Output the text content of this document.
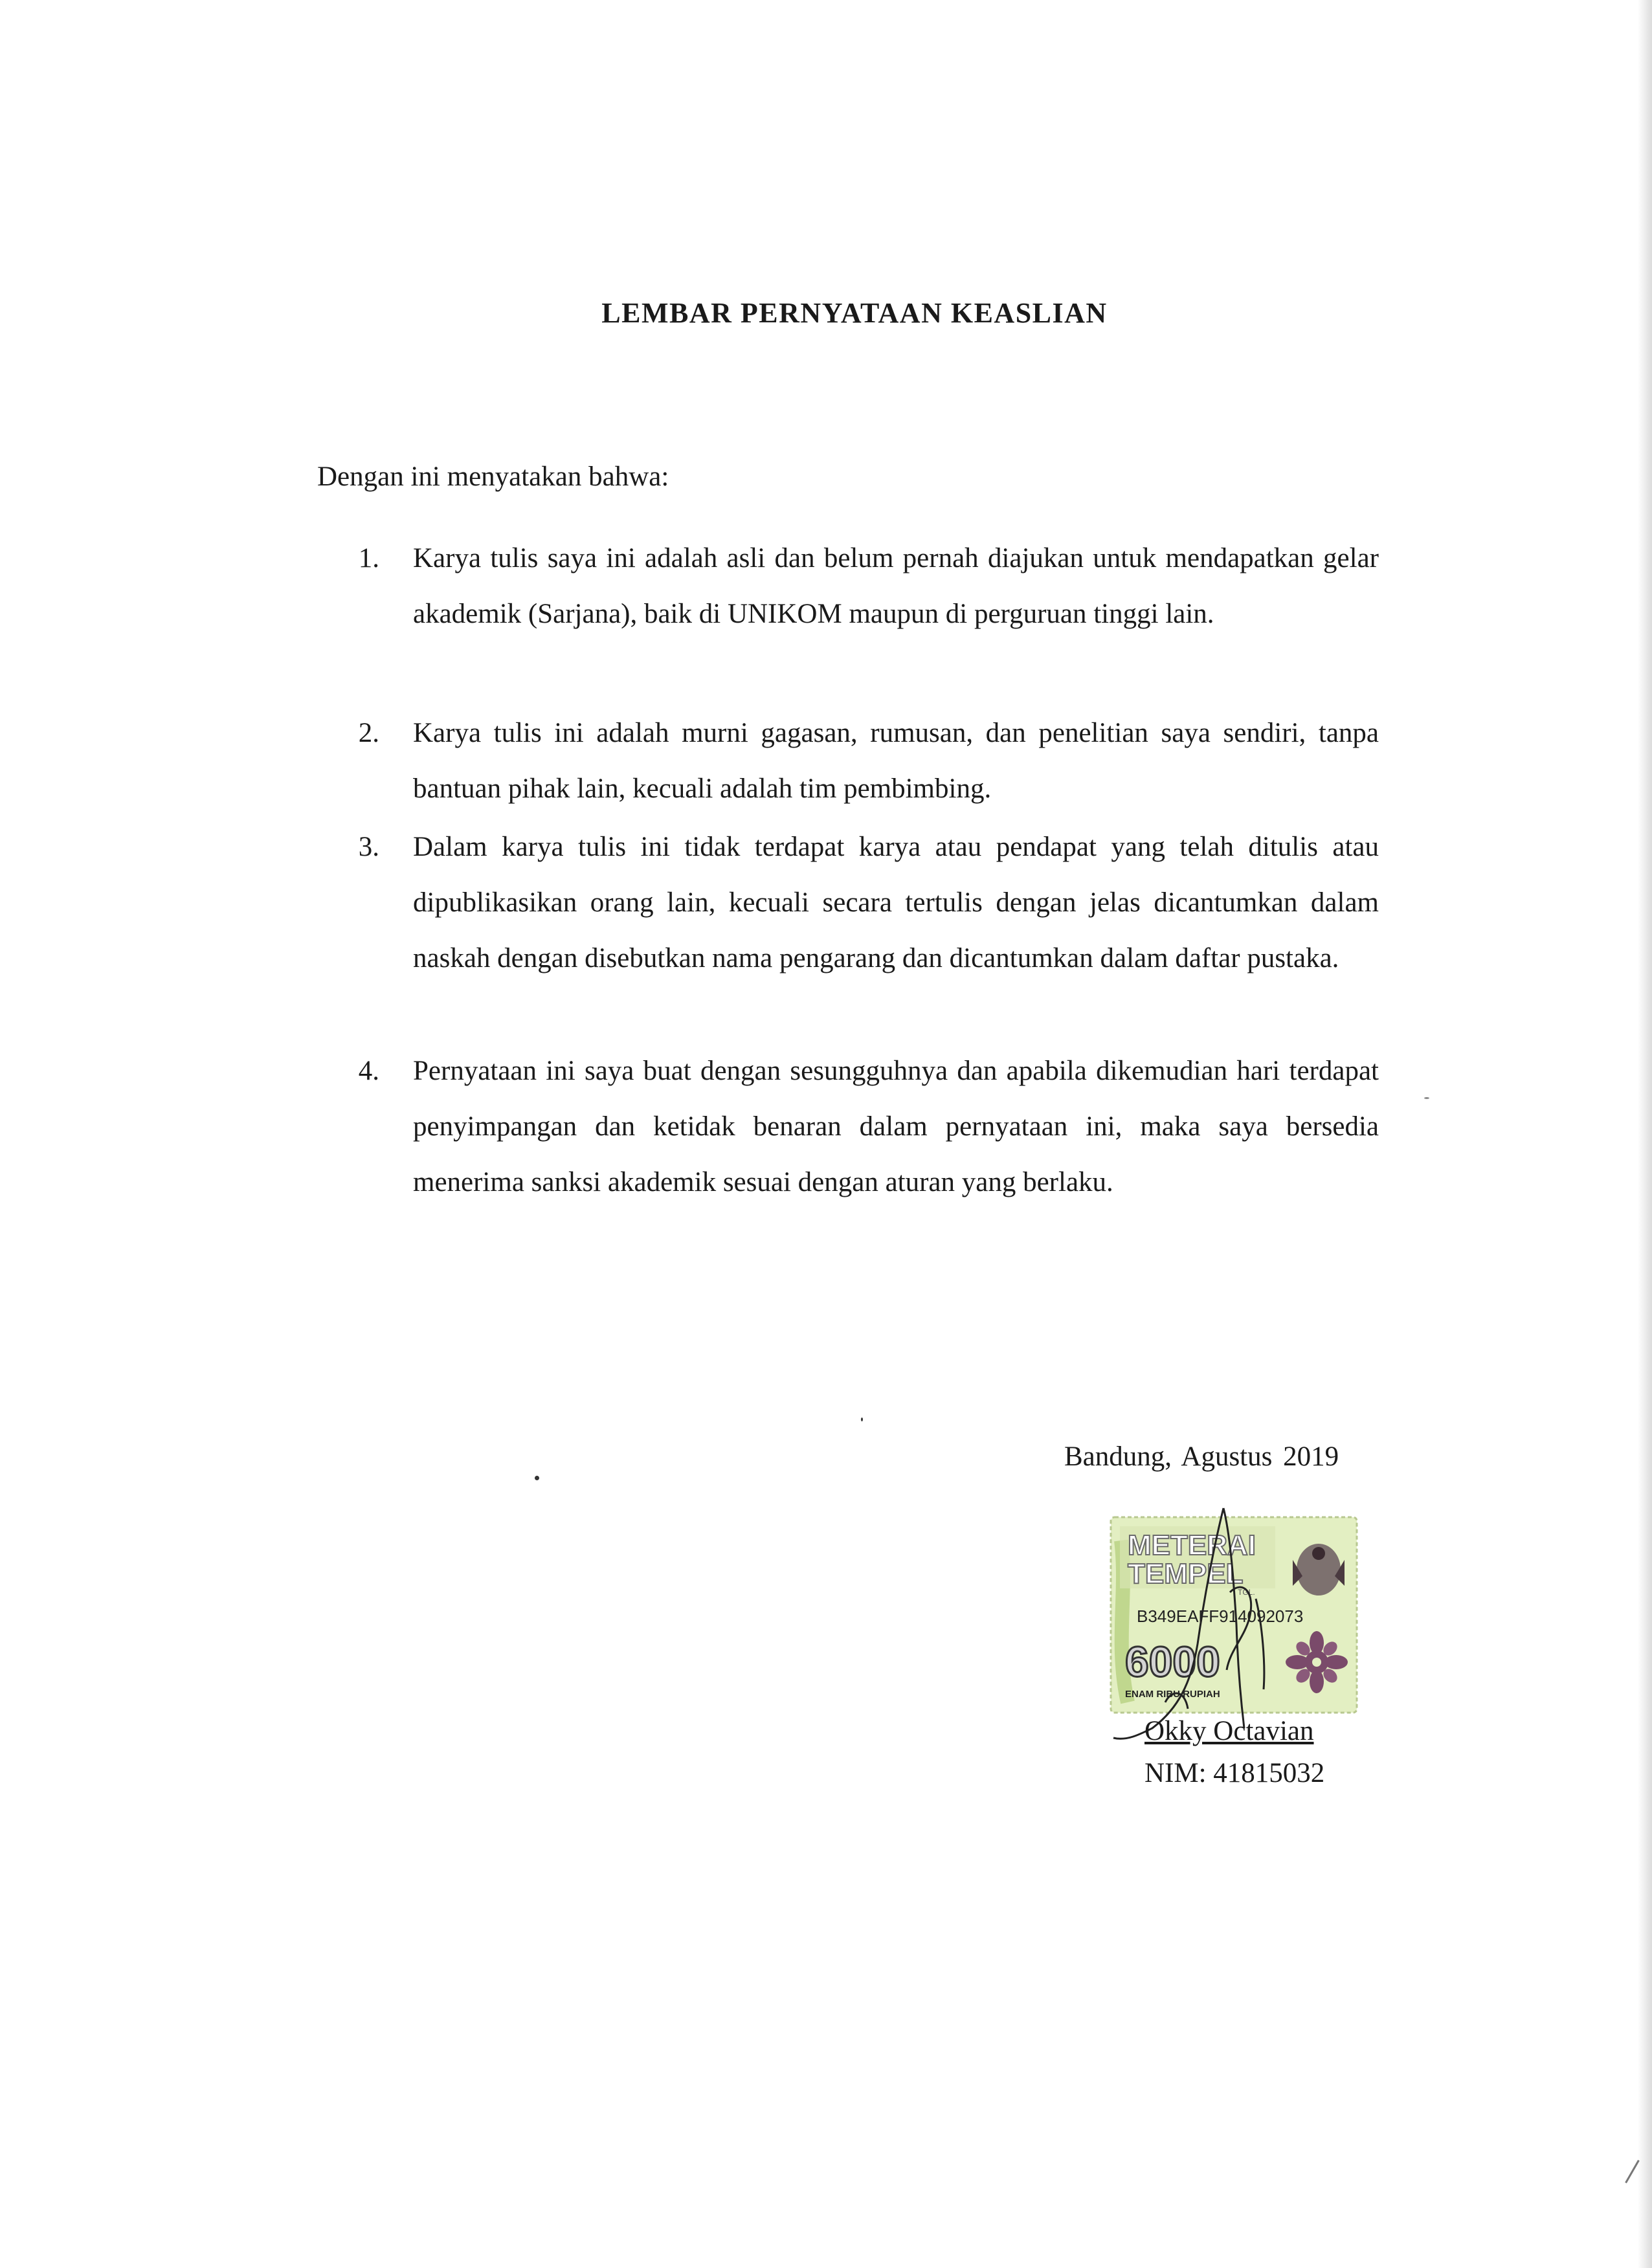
LEMBAR PERNYATAAN KEASLIAN
Dengan ini menyatakan bahwa:
1.	Karya tulis saya ini adalah asli dan belum pernah diajukan untuk mendapatkan gelar akademik (Sarjana), baik di UNIKOM maupun di perguruan tinggi lain.
2.	Karya tulis ini adalah murni gagasan, rumusan, dan penelitian saya sendiri, tanpa bantuan pihak lain, kecuali adalah tim pembimbing.
3.	Dalam karya tulis ini tidak terdapat karya atau pendapat yang telah ditulis atau dipublikasikan orang lain, kecuali secara tertulis dengan jelas dicantumkan dalam naskah dengan disebutkan nama pengarang dan dicantumkan dalam daftar pustaka.
4.	Pernyataan ini saya buat dengan sesungguhnya dan apabila dikemudian hari terdapat penyimpangan dan ketidak benaran dalam pernyataan ini, maka saya bersedia menerima sanksi akademik sesuai dengan aturan yang berlaku.
Bandung, Agustus 2019
METERAI
TEMPEL
TGL.
B349EAFF914092073
6000
ENAM RIBU RUPIAH
Okky Octavian
NIM: 41815032
